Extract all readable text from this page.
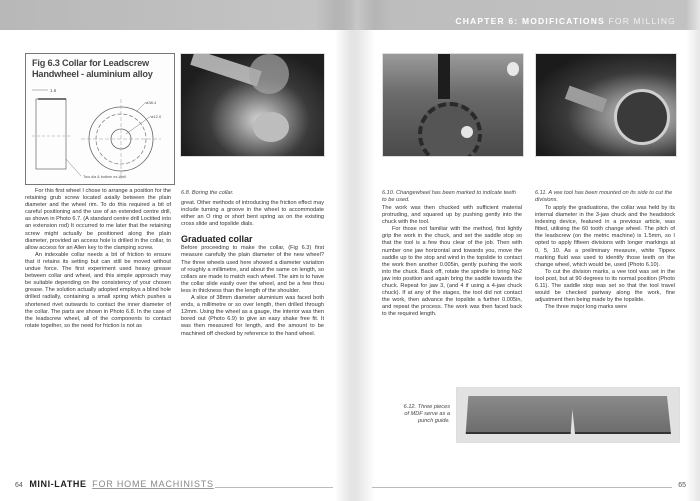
CHAPTER 6: MODIFICATIONS FOR MILLING
Fig 6.3 Collar for Leadscrew Handwheel - aluminium alloy
1.6
ø38.4
ø12.0
Two dia & bottom ex-Well

For this first wheel I chose to arrange a position for the retaining grub screw located axially between the plain diameter and the wheel rim. To do this required a bit of careful positioning and the use of an extended centre drill, as shown in Photo 6.7. (A standard centre drill Loctited into an extension rod) It occurred to me later that the retaining screw might actually be positioned along the plain diameter, provided an access hole is drilled in the collar, to allow access for an Allen key to the clamping screw.

An indexable collar needs a bit of friction to ensure that it retains its setting but can still be moved without undue force. The first experiment used heavy grease between collar and wheel, and this simple approach may be suitable depending on the consistency of your chosen grease. The solution actually adopted employs a blind hole drilled radially, containing a small spring which pushes a shortened rivet outwards to contact the inner diameter of the collar. The parts are shown in Photo 6.8. In the case of the leadscrew wheel, all of the components to contact rotate together, so the need for friction is not as

6.8. Boring the collar.

great. Other methods of introducing the friction effect may include turning a groove in the wheel to accommodate either an O ring or short bent spring as on the existing cross slide and topslide dials.

Graduated collar

Before proceeding to make the collar, (Fig 6.3) first measure carefully the plain diameter of the new wheel? The three wheels used here showed a diameter variation of roughly a millimetre, and about the same on length, so collars are made to match each wheel. The aim is to have the collar slide easily over the wheel, and be a few thou less in thickness than the length of the shoulder.

A slice of 38mm diameter aluminium was faced both ends, a millimetre or so over length, then drilled through 12mm. Using the wheel as a gauge, the interior was then bored out (Photo 6.9) to give an easy shake free fit. It was then measured for length, and the amount to be machined off checked by reference to the hand wheel.

6.10. Changewheel has been marked to indicate teeth to be used.

The work was then chucked with sufficient material protruding, and squared up by pushing gently into the chuck with the tool.

For those not familiar with the method, first lightly grip the work in the chuck, and set the saddle stop so that the tool is a few thou clear of the job. Then with number one jaw horizontal and towards you, move the saddle up to the stop and wind in the topslide to contact the work then another 0.005in, gently pushing the work into the chuck. Back off, rotate the spindle to bring No2 jaw into position and again bring the saddle towards the chuck. Repeat for jaw 3, (and 4 if using a 4-jaw chuck chuck). If at any of the stages, the tool did not contact the work, then advance the topslide a further 0.005in, and repeat the process. The work was then faced back to the required length.

6.11. A vee tool has been mounted on its side to cut the divisions.

To apply the graduations, the collar was held by its internal diameter in the 3-jaw chuck and the headstock indexing device, featured in a previous article, was fitted, utilising the 60 tooth change wheel. The pitch of the leadscrew (on the metric machine) is 1.5mm, so I opted to apply fifteen divisions with longer markings at 0, 5, 10. As a preliminary measure, white Tippex marking fluid was used to identify those teeth on the change wheel, which would be, used (Photo 6.10).

To cut the division marks, a vee tool was set in the tool post, but at 90 degrees to its normal position (Photo 6.11). The saddle stop was set so that the tool travel would be checked partway along the work, fine adjustment then being made by the topslide.

The three major long marks were

6.12. Three pieces of MDF serve as a punch guide.
64 MINI-LATHE FOR HOME MACHINISTS	65
